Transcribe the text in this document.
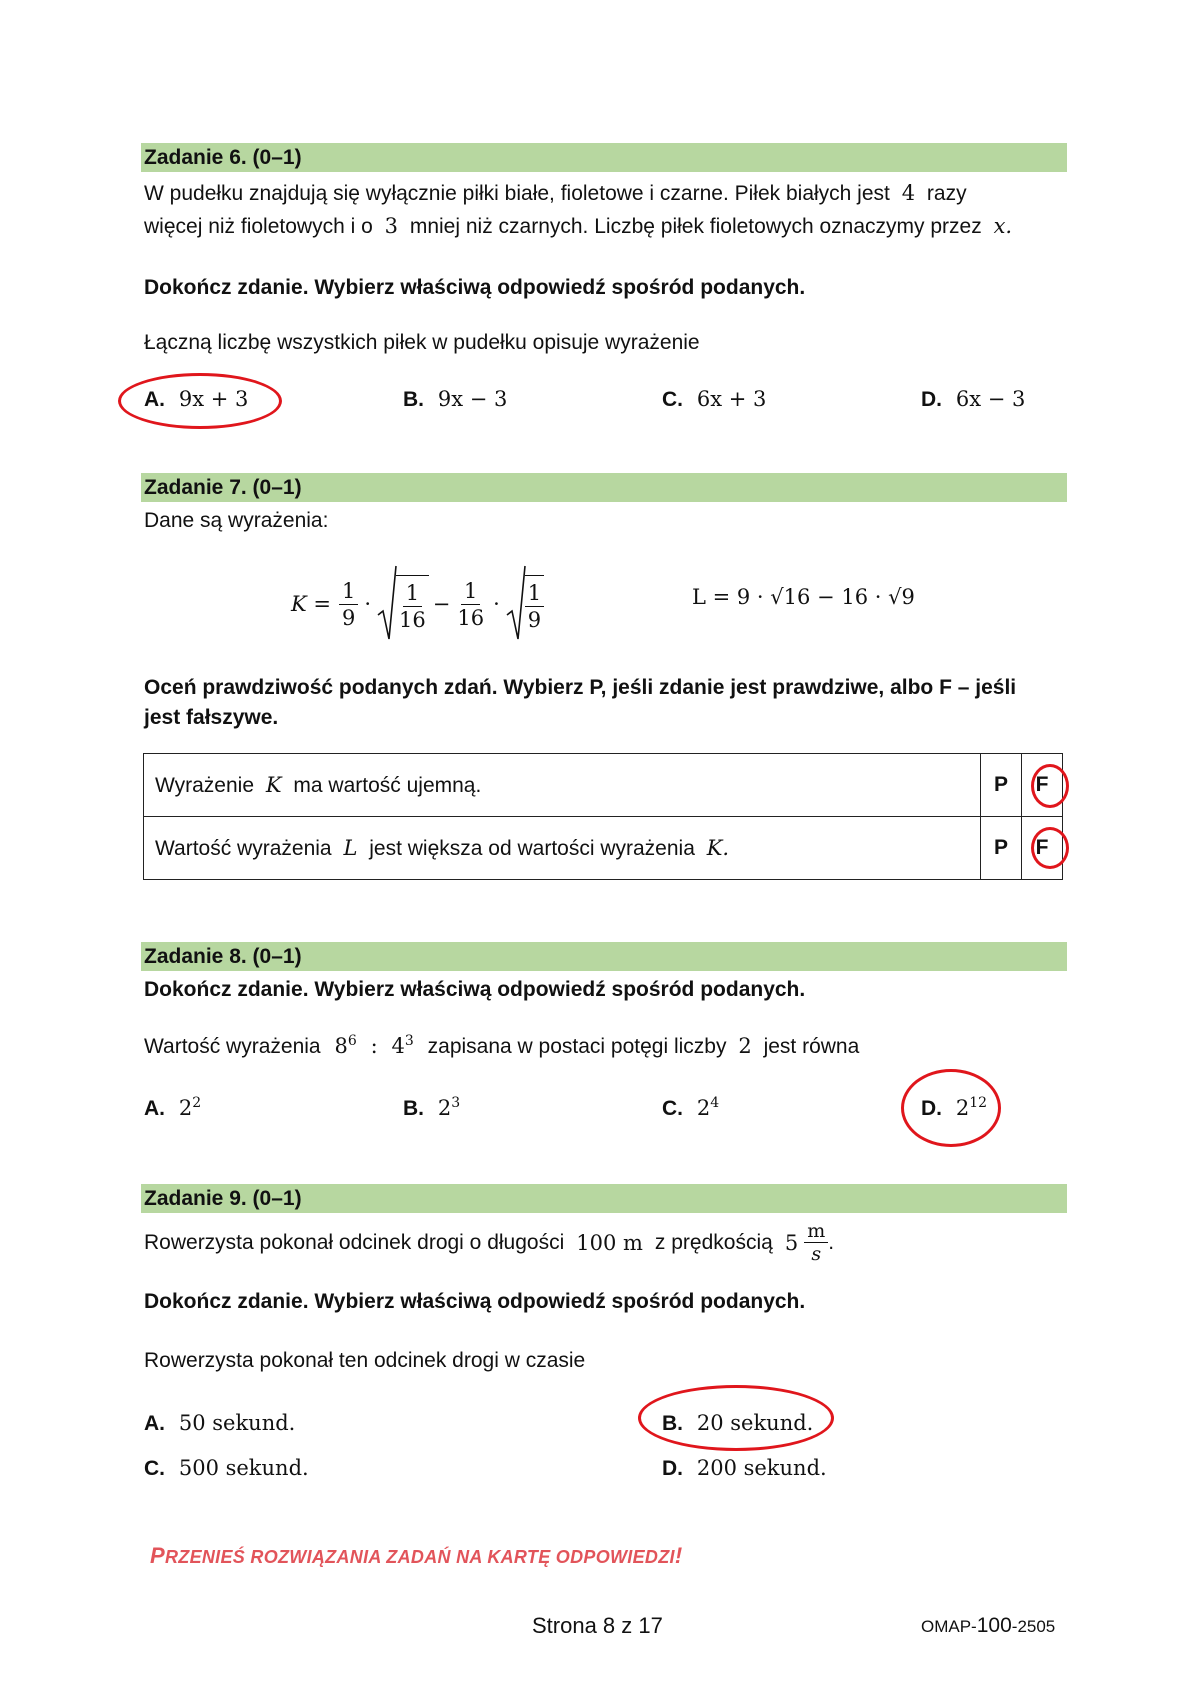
Zadanie 6. (0–1)
W pudełku znajdują się wyłącznie piłki białe, fioletowe i czarne. Piłek białych jest 4 razy
więcej niż fioletowych i o 3 mniej niż czarnych. Liczbę piłek fioletowych oznaczymy przez x.
Dokończ zdanie. Wybierz właściwą odpowiedź spośród podanych.
Łączną liczbę wszystkich piłek w pudełku opisuje wyrażenie
A. 9x + 3	B. 9x − 3	C. 6x + 3	D. 6x − 3
Zadanie 7. (0–1)
Dane są wyrażenia:
$K = \frac{1}{9} \cdot \frac{1}{16} - \frac{1}{16} \cdot \frac{1}{9}$	L = 9 · √16 − 16 · √9
Oceń prawdziwość podanych zdań. Wybierz P, jeśli zdanie jest prawdziwe, albo F – jeśli jest fałszywe.
Wyrażenie K ma wartość ujemną.	P	F

Wartość wyrażenia L jest większa od wartości wyrażenia K.	P	F
Zadanie 8. (0–1)
Dokończ zdanie. Wybierz właściwą odpowiedź spośród podanych.
Wartość wyrażenia $8^6$ : $4^3$ zapisana w postaci potęgi liczby 2 jest równa
A. $2^2$	B. $2^3$	C. $2^4$	D. $2^{12}$
Zadanie 9. (0–1)
Rowerzysta pokonał odcinek drogi o długości 100 m z prędkością $5 \frac{m}{s}$ .
Dokończ zdanie. Wybierz właściwą odpowiedź spośród podanych.
Rowerzysta pokonał ten odcinek drogi w czasie
A. 50 sekund.	B. 20 sekund.
C. 500 sekund.	D. 200 sekund.
PRZENIEŚ ROZWIĄZANIA ZADAŃ NA KARTĘ ODPOWIEDZI!
Strona 8 z 17	OMAP-100-2505
